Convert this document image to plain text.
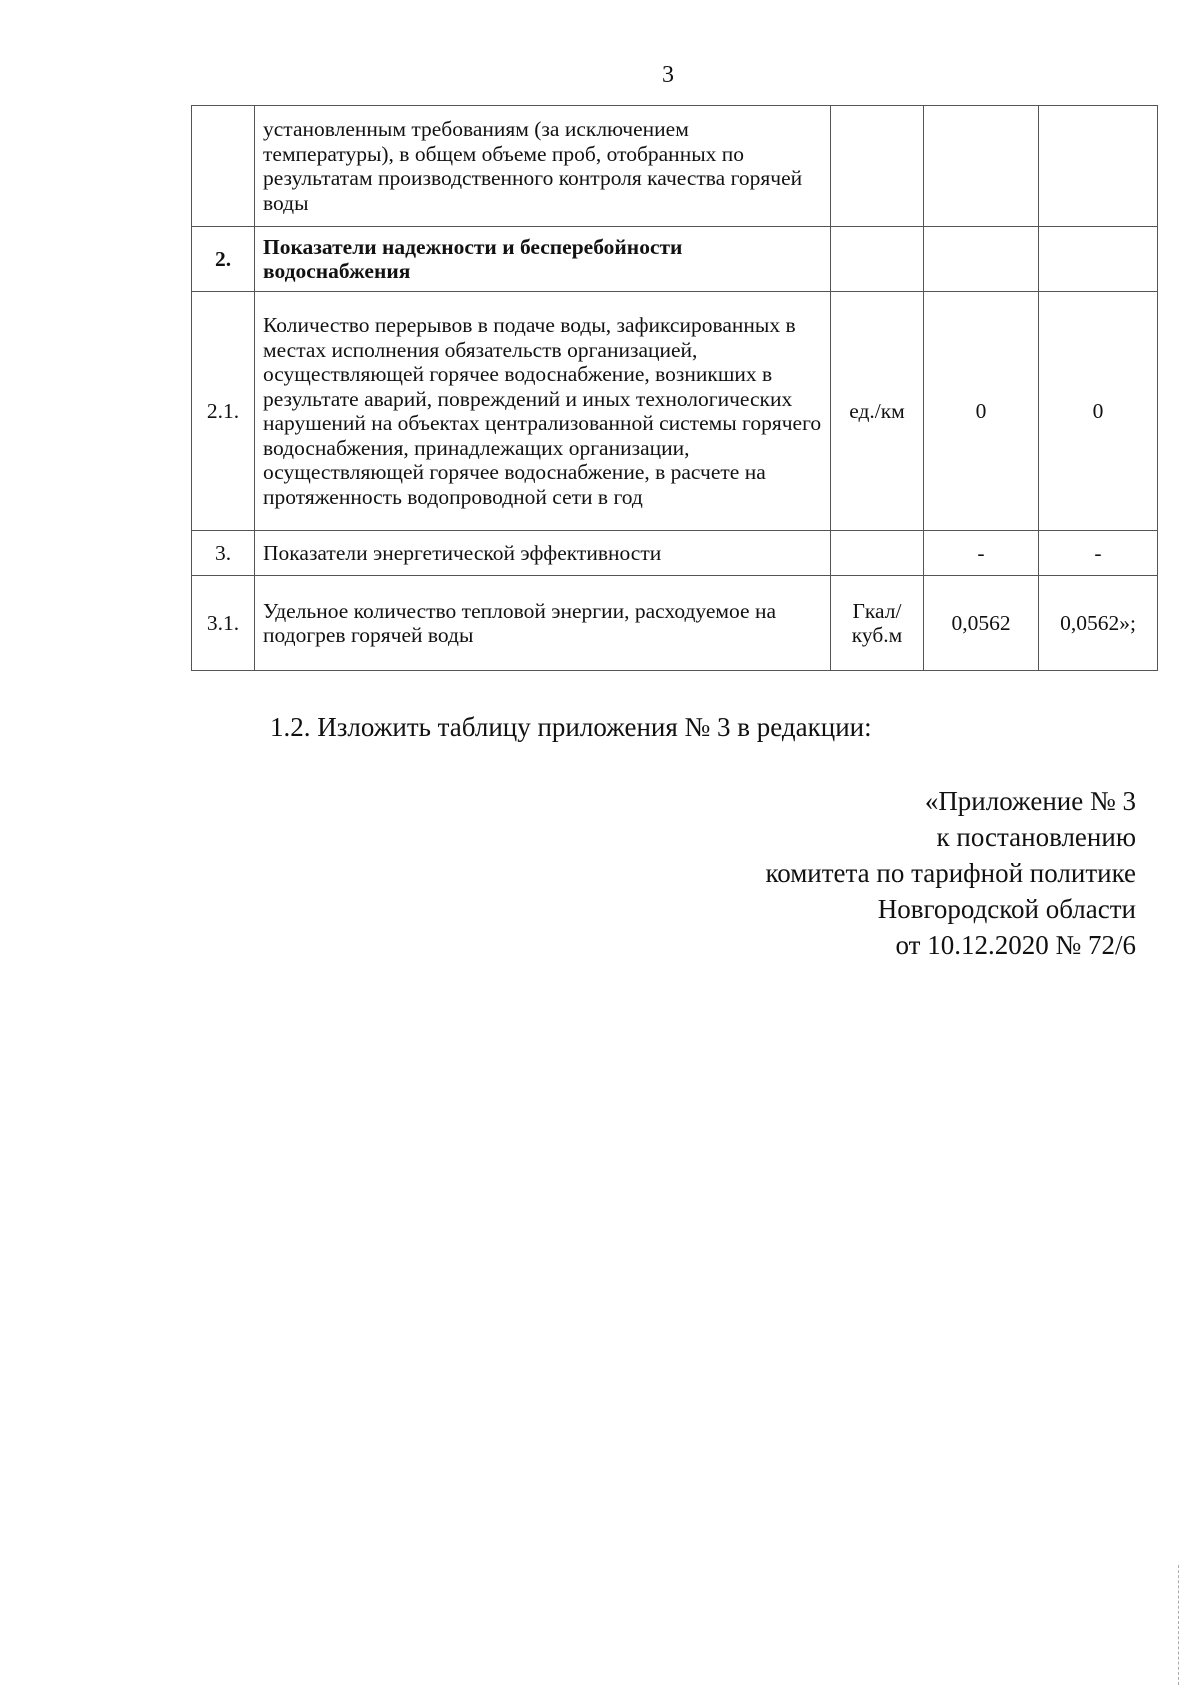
3
	установленным требованиям (за исключением температуры), в общем объеме проб, отобранных по результатам производственного контроля качества горячей воды			
2.	Показатели надежности и бесперебойности водоснабжения			
2.1.	Количество перерывов в подаче воды, зафиксированных в местах исполнения обязательств организацией, осуществляющей горячее водоснабжение, возникших в результате аварий, повреждений и иных технологических нарушений на объектах централизованной системы горячего водоснабжения, принадлежащих организации, осуществляющей горячее водоснабжение, в расчете на протяженность водопроводной сети в год	ед./км	0	0
3.	Показатели энергетической эффективности		-	-
3.1.	Удельное количество тепловой энергии, расходуемое на подогрев горячей воды	Гкал/ куб.м	0,0562	0,0562»;
1.2. Изложить таблицу приложения № 3 в редакции:
«Приложение № 3
к постановлению
комитета по тарифной политике
Новгородской области
от 10.12.2020 № 72/6
